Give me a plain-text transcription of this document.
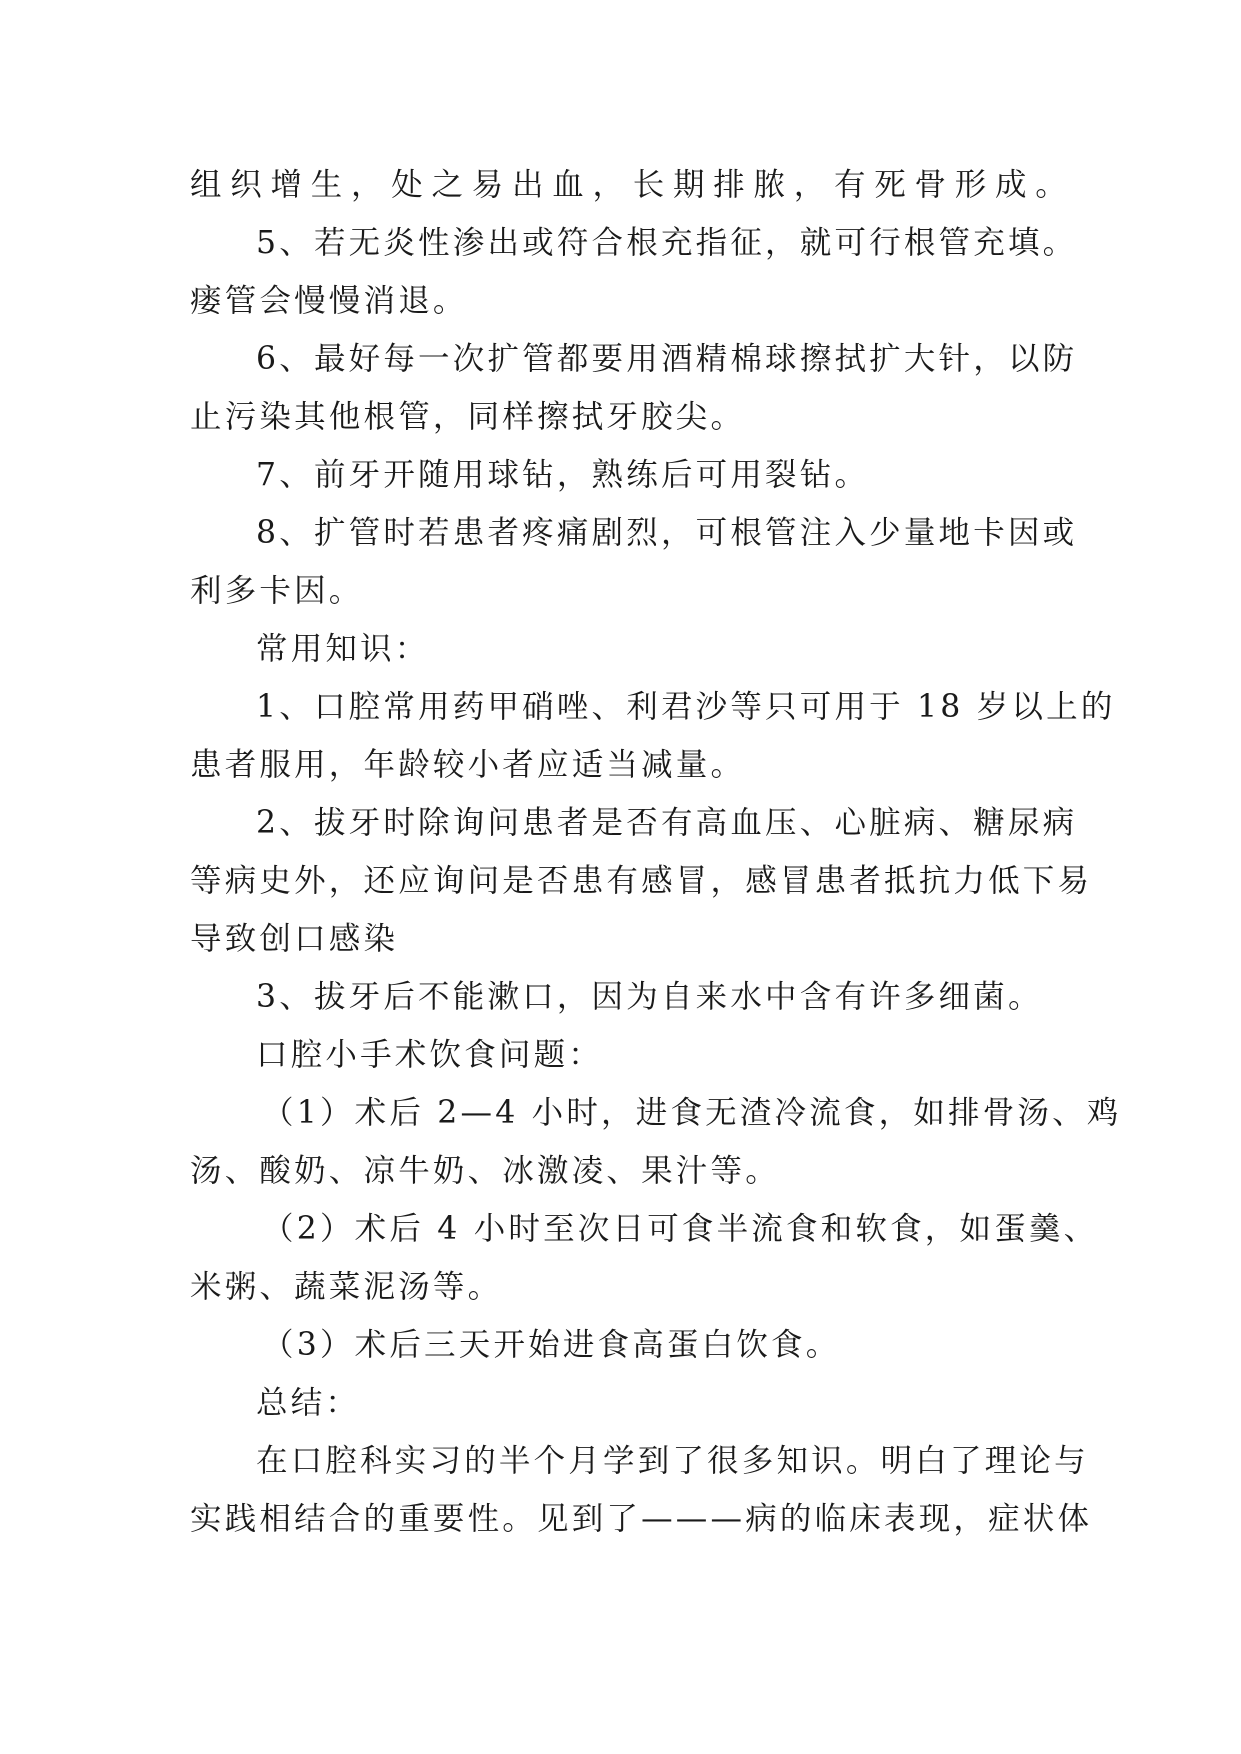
组织增生，处之易出血，长期排脓，有死骨形成。

5、若无炎性渗出或符合根充指征，就可行根管充填。

瘘管会慢慢消退。

6、最好每一次扩管都要用酒精棉球擦拭扩大针，以防

止污染其他根管，同样擦拭牙胶尖。

7、前牙开随用球钻，熟练后可用裂钻。

8、扩管时若患者疼痛剧烈，可根管注入少量地卡因或

利多卡因。

常用知识：

1、口腔常用药甲硝唑、利君沙等只可用于 18 岁以上的

患者服用，年龄较小者应适当减量。

2、拔牙时除询问患者是否有高血压、心脏病、糖尿病

等病史外，还应询问是否患有感冒，感冒患者抵抗力低下易

导致创口感染

3、拔牙后不能漱口，因为自来水中含有许多细菌。

口腔小手术饮食问题：

（1）术后 2—4 小时，进食无渣冷流食，如排骨汤、鸡

汤、酸奶、凉牛奶、冰激凌、果汁等。

（2）术后 4 小时至次日可食半流食和软食，如蛋羹、

米粥、蔬菜泥汤等。

（3）术后三天开始进食高蛋白饮食。

总结：

在口腔科实习的半个月学到了很多知识。明白了理论与

实践相结合的重要性。见到了———病的临床表现，症状体
